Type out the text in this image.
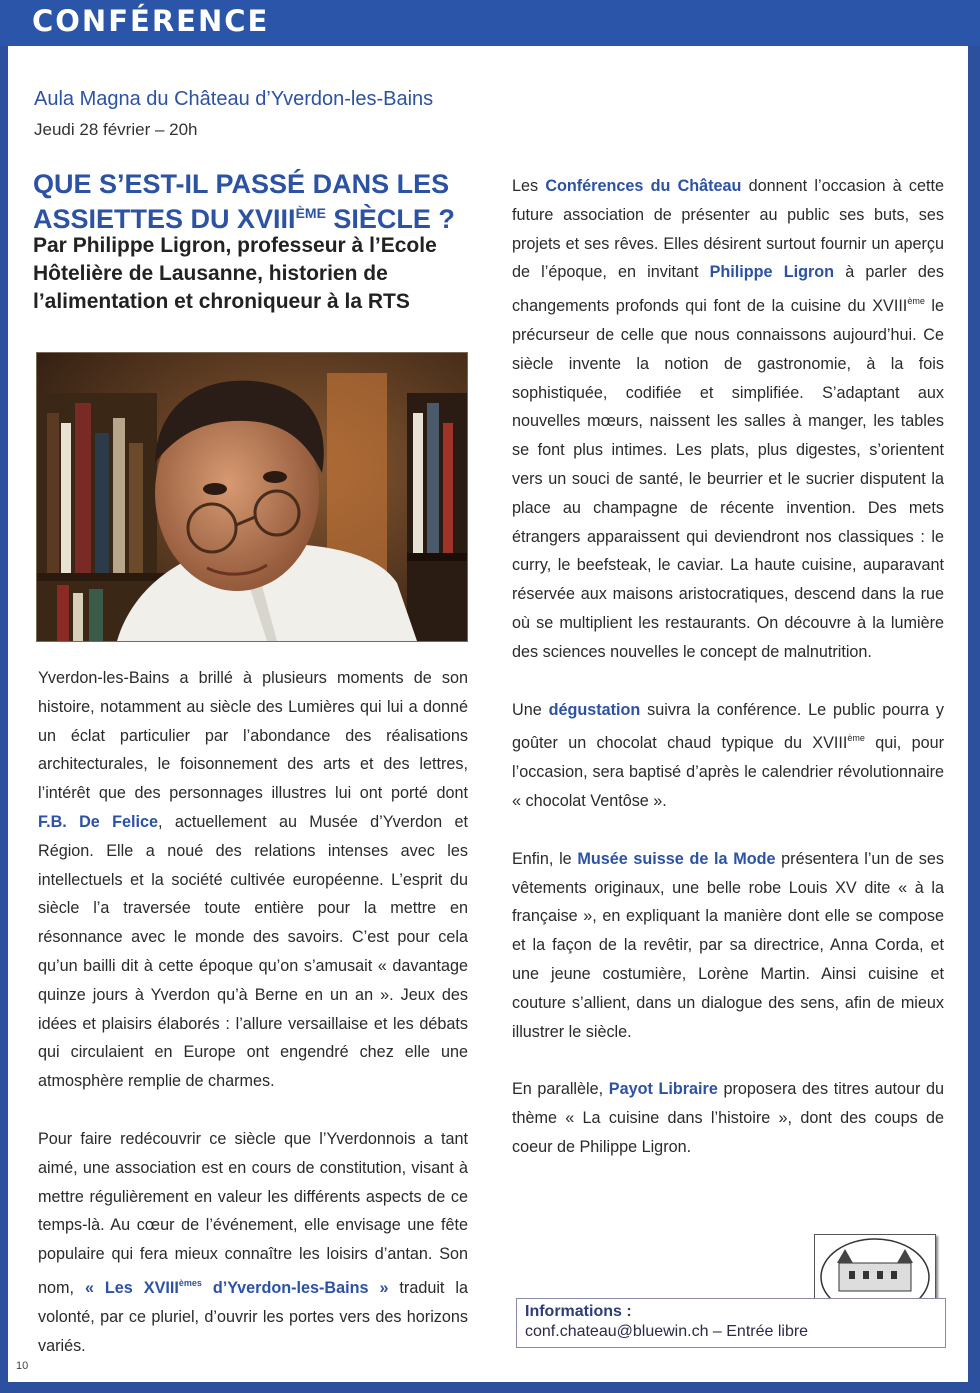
CONFÉRENCE
Aula Magna du Château d’Yverdon-les-Bains
Jeudi 28 février – 20h
QUE S’EST-IL PASSÉ DANS LES ASSIETTES DU XVIIIÈME SIÈCLE ?
Par Philippe Ligron, professeur à l’Ecole Hôtelière de Lausanne, historien de l’alimentation et chroniqueur à la RTS

Yverdon-les-Bains a brillé à plusieurs moments de son histoire, notamment au siècle des Lumières qui lui a donné un éclat particulier par l’abondance des réalisations architecturales, le foisonnement des arts et des lettres, l’intérêt que des personnages illustres lui ont porté dont F.B. De Felice, actuellement au Musée d’Yverdon et Région. Elle a noué des relations intenses avec les intellectuels et la société cultivée européenne. L’esprit du siècle l’a traversée toute entière pour la mettre en résonnance avec le monde des savoirs. C’est pour cela qu’un bailli dit à cette époque qu’on s’amusait « davantage quinze jours à Yverdon qu’à Berne en un an ». Jeux des idées et plaisirs élaborés : l’allure versaillaise et les débats qui circulaient en Europe ont engendré chez elle une atmosphère remplie de charmes.

Pour faire redécouvrir ce siècle que l’Yverdonnois a tant aimé, une association est en cours de constitution, visant à mettre régulièrement en valeur les différents aspects de ce temps-là. Au cœur de l’événement, elle envisage une fête populaire qui fera mieux connaître les loisirs d’antan. Son nom, « Les XVIIIèmes d’Yverdon-les-Bains » traduit la volonté, par ce pluriel, d’ouvrir les portes vers des horizons variés.

Les Conférences du Château donnent l’occasion à cette future association de présenter au public ses buts, ses projets et ses rêves. Elles désirent surtout fournir un aperçu de l’époque, en invitant Philippe Ligron à parler des changements profonds qui font de la cuisine du XVIIIème le précurseur de celle que nous connaissons aujourd’hui. Ce siècle invente la notion de gastronomie, à la fois sophistiquée, codifiée et simplifiée. S’adaptant aux nouvelles mœurs, naissent les salles à manger, les tables se font plus intimes. Les plats, plus digestes, s’orientent vers un souci de santé, le beurrier et le sucrier disputent la place au champagne de récente invention. Des mets étrangers apparaissent qui deviendront nos classiques : le curry, le beefsteak, le caviar. La haute cuisine, auparavant réservée aux maisons aristocratiques, descend dans la rue où se multiplient les restaurants. On découvre à la lumière des sciences nouvelles le concept de malnutrition.

Une dégustation suivra la conférence. Le public pourra y goûter un chocolat chaud typique du XVIIIème qui, pour l’occasion, sera baptisé d’après le calendrier révolutionnaire « chocolat Ventôse ».

Enfin, le Musée suisse de la Mode présentera l’un de ses vêtements originaux, une belle robe Louis XV dite « à la française », en expliquant la manière dont elle se compose et la façon de la revêtir, par sa directrice, Anna Corda, et une jeune costumière, Lorène Martin. Ainsi cuisine et couture s’allient, dans un dialogue des sens, afin de mieux illustrer le siècle.

En parallèle, Payot Libraire proposera des titres autour du thème « La cuisine dans l’histoire », dont des coups de coeur de Philippe Ligron.

Informations :
conf.chateau@bluewin.ch – Entrée libre
10
